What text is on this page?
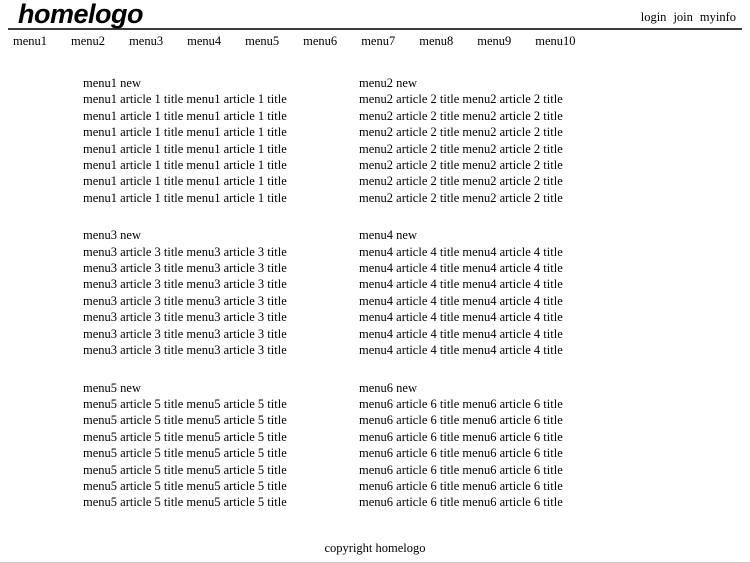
homelogo	login join myinfo
menu1 menu2 menu3 menu4 menu5 menu6 menu7 menu8 menu9 menu10
menu1 new
menu1 article 1 title menu1 article 1 title
menu1 article 1 title menu1 article 1 title
menu1 article 1 title menu1 article 1 title
menu1 article 1 title menu1 article 1 title
menu1 article 1 title menu1 article 1 title
menu1 article 1 title menu1 article 1 title
menu1 article 1 title menu1 article 1 title
menu2 new
menu2 article 2 title menu2 article 2 title
menu2 article 2 title menu2 article 2 title
menu2 article 2 title menu2 article 2 title
menu2 article 2 title menu2 article 2 title
menu2 article 2 title menu2 article 2 title
menu2 article 2 title menu2 article 2 title
menu2 article 2 title menu2 article 2 title
menu3 new
menu3 article 3 title menu3 article 3 title
menu3 article 3 title menu3 article 3 title
menu3 article 3 title menu3 article 3 title
menu3 article 3 title menu3 article 3 title
menu3 article 3 title menu3 article 3 title
menu3 article 3 title menu3 article 3 title
menu3 article 3 title menu3 article 3 title
menu4 new
menu4 article 4 title menu4 article 4 title
menu4 article 4 title menu4 article 4 title
menu4 article 4 title menu4 article 4 title
menu4 article 4 title menu4 article 4 title
menu4 article 4 title menu4 article 4 title
menu4 article 4 title menu4 article 4 title
menu4 article 4 title menu4 article 4 title
menu5 new
menu5 article 5 title menu5 article 5 title
menu5 article 5 title menu5 article 5 title
menu5 article 5 title menu5 article 5 title
menu5 article 5 title menu5 article 5 title
menu5 article 5 title menu5 article 5 title
menu5 article 5 title menu5 article 5 title
menu5 article 5 title menu5 article 5 title
menu6 new
menu6 article 6 title menu6 article 6 title
menu6 article 6 title menu6 article 6 title
menu6 article 6 title menu6 article 6 title
menu6 article 6 title menu6 article 6 title
menu6 article 6 title menu6 article 6 title
menu6 article 6 title menu6 article 6 title
menu6 article 6 title menu6 article 6 title
copyright homelogo
